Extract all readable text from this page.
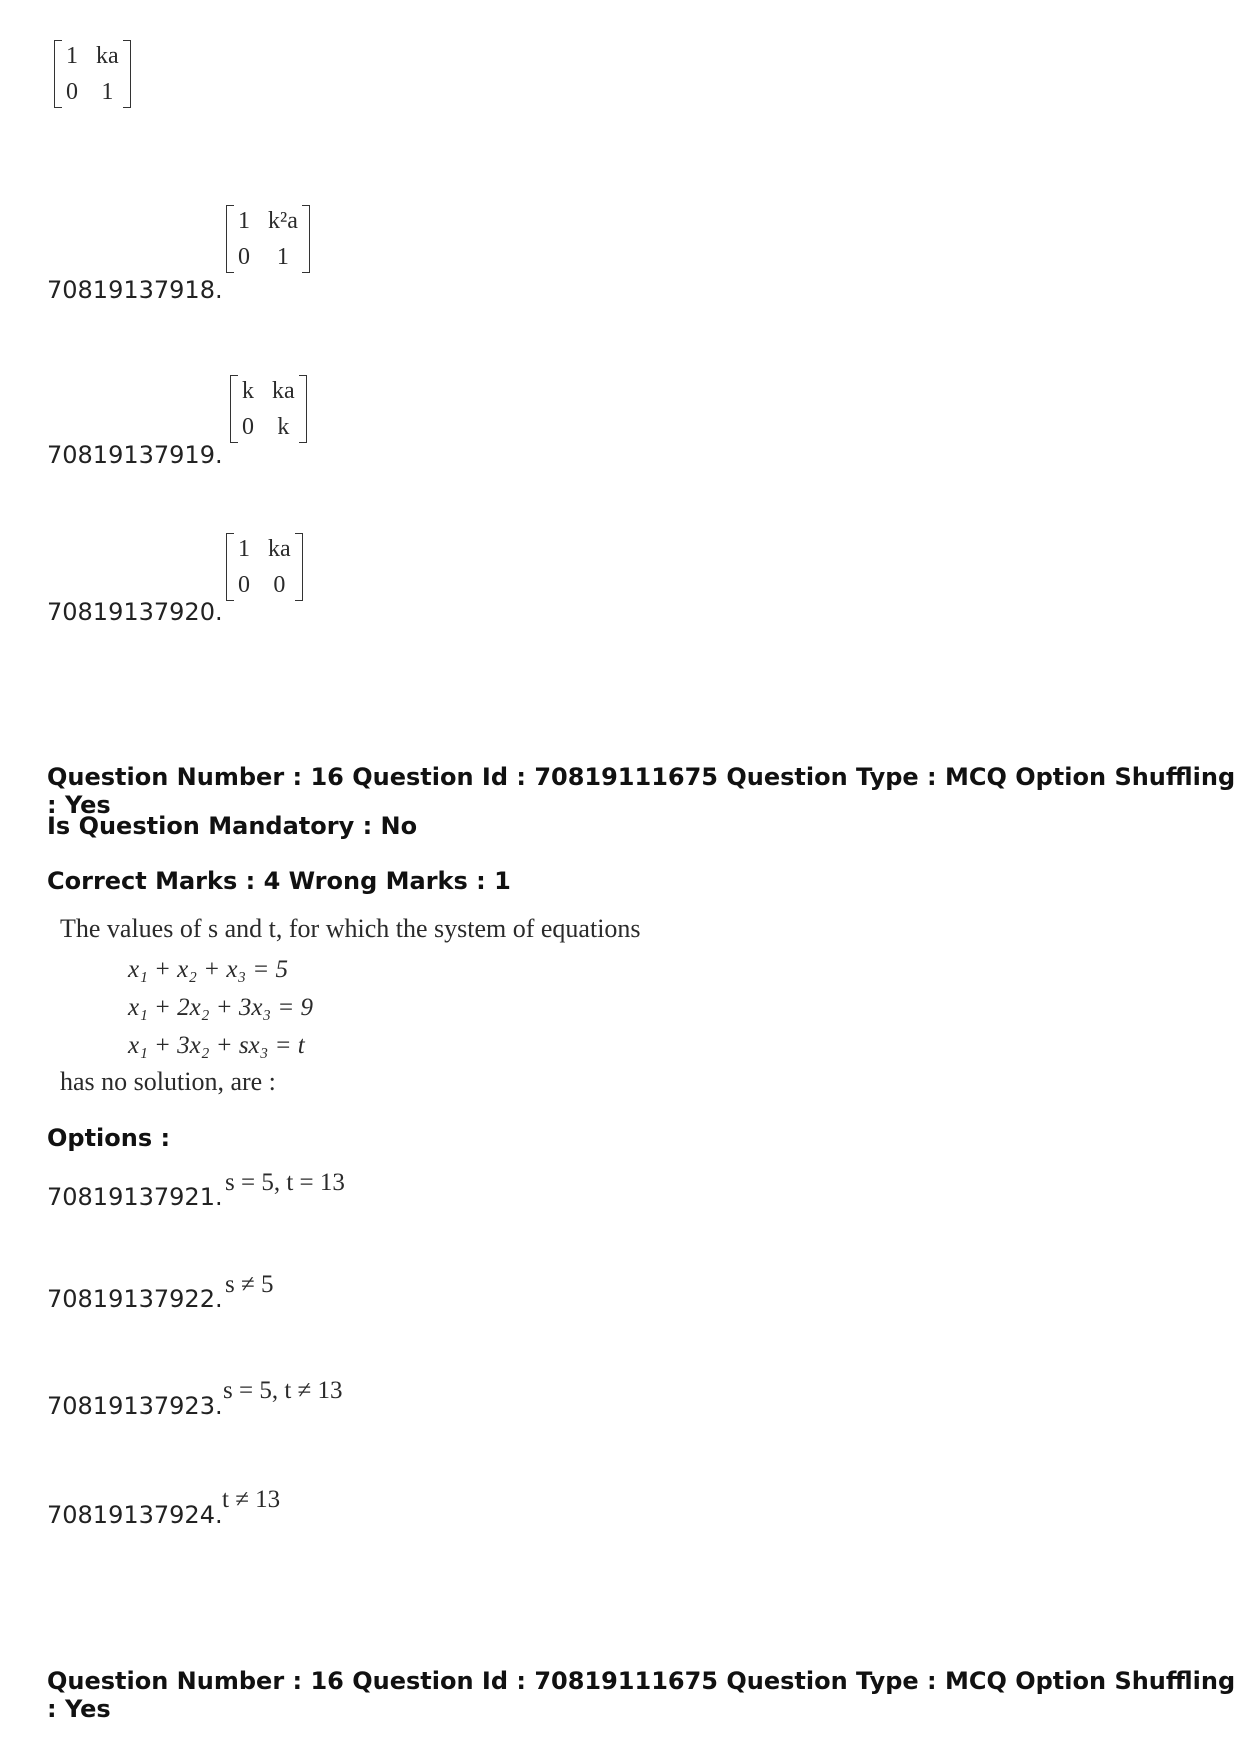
1 ka
0 1
70819137918.
1 k²a
0	1
70819137919.
k ka
0 k
70819137920.
1 ka
0 0
Question Number : 16 Question Id : 70819111675 Question Type : MCQ Option Shuffling : Yes
Is Question Mandatory : No
Correct Marks : 4 Wrong Marks : 1
The values of s and t, for which the system of equations
x₁ + x₂ + x₃ = 5
x₁ + 2x₂ + 3x₃ = 9
x₁ + 3x₂ + sx₃ = t
has no solution, are :
Options :
70819137921.
s = 5, t = 13
70819137922.
s ≠ 5
70819137923.
s = 5, t ≠ 13
70819137924.
t ≠ 13
Question Number : 16 Question Id : 70819111675 Question Type : MCQ Option Shuffling : Yes
